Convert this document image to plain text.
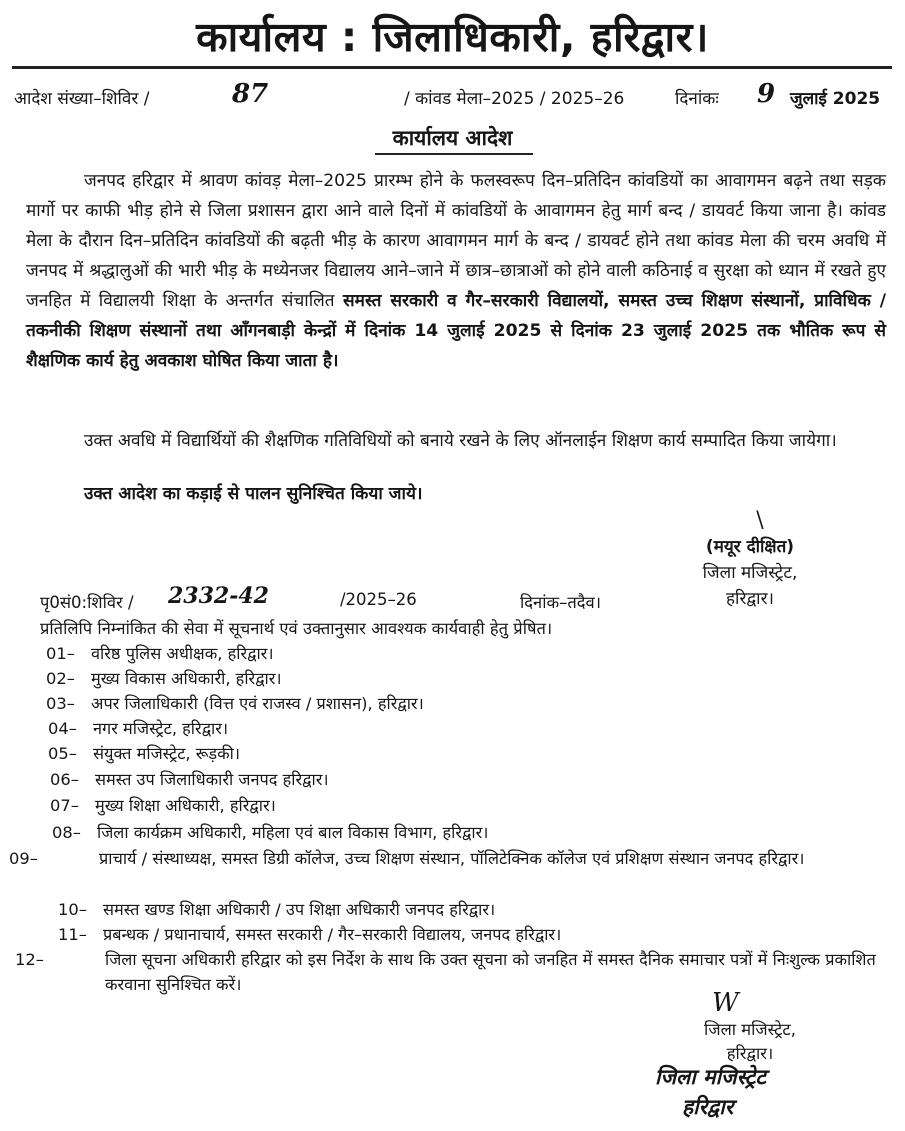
कार्यालय : जिलाधिकारी, हरिद्वार।
आदेश संख्या–शिविर /	87	/ कांवड मेला–2025 / 2025–26	दिनांकः 9 जुलाई 2025
कार्यालय आदेश
जनपद हरिद्वार में श्रावण कांवड़ मेला–2025 प्रारम्भ होने के फलस्वरूप दिन–प्रतिदिन कांवडियों का आवागमन बढ़ने तथा सड़क मार्गो पर काफी भीड़ होने से जिला प्रशासन द्वारा आने वाले दिनों में कांवडियों के आवागमन हेतु मार्ग बन्द / डायवर्ट किया जाना है। कांवड मेला के दौरान दिन–प्रतिदिन कांवडियों की बढ़ती भीड़ के कारण आवागमन मार्ग के बन्द / डायवर्ट होने तथा कांवड मेला की चरम अवधि में जनपद में श्रद्धालुओं की भारी भीड़ के मध्येनजर विद्यालय आने–जाने में छात्र–छात्राओं को होने वाली कठिनाई व सुरक्षा को ध्यान में रखते हुए जनहित में विद्यालयी शिक्षा के अन्तर्गत संचालित समस्त सरकारी व गैर–सरकारी विद्यालयों, समस्त उच्च शिक्षण संस्थानों, प्राविधिक / तकनीकी शिक्षण संस्थानों तथा आँगनबाड़ी केन्द्रों में दिनांक 14 जुलाई 2025 से दिनांक 23 जुलाई 2025 तक भौतिक रूप से शैक्षणिक कार्य हेतु अवकाश घोषित किया जाता है।
उक्त अवधि में विद्यार्थियों की शैक्षणिक गतिविधियों को बनाये रखने के लिए ऑनलाईन शिक्षण कार्य सम्पादित किया जायेगा।
उक्त आदेश का कड़ाई से पालन सुनिश्चित किया जाये।
\
(मयूर दीक्षित)
जिला मजिस्ट्रेट,
हरिद्वार।
पृ0सं0:शिविर / 2332-42	/2025–26	दिनांक–तदैव।
प्रतिलिपि निम्नांकित की सेवा में सूचनार्थ एवं उक्तानुसार आवश्यक कार्यवाही हेतु प्रेषित।
01– वरिष्ठ पुलिस अधीक्षक, हरिद्वार।
02– मुख्य विकास अधिकारी, हरिद्वार।
03– अपर जिलाधिकारी (वित्त एवं राजस्व / प्रशासन), हरिद्वार।
04– नगर मजिस्ट्रेट, हरिद्वार।
05– संयुक्त मजिस्ट्रेट, रूड़की।
06– समस्त उप जिलाधिकारी जनपद हरिद्वार।
07– मुख्य शिक्षा अधिकारी, हरिद्वार।
08– जिला कार्यक्रम अधिकारी, महिला एवं बाल विकास विभाग, हरिद्वार।
09–	प्राचार्य / संस्थाध्यक्ष, समस्त डिग्री कॉलेज, उच्च शिक्षण संस्थान, पॉलिटेक्निक कॉलेज एवं प्रशिक्षण संस्थान जनपद हरिद्वार।
10– समस्त खण्ड शिक्षा अधिकारी / उप शिक्षा अधिकारी जनपद हरिद्वार।
11– प्रबन्धक / प्रधानाचार्य, समस्त सरकारी / गैर–सरकारी विद्यालय, जनपद हरिद्वार।
12–	जिला सूचना अधिकारी हरिद्वार को इस निर्देश के साथ कि उक्त सूचना को जनहित में समस्त दैनिक समाचार पत्रों में निःशुल्क प्रकाशित करवाना सुनिश्चित करें।
W
जिला मजिस्ट्रेट,
हरिद्वार।
जिला मजिस्ट्रेट
हरिद्वार
